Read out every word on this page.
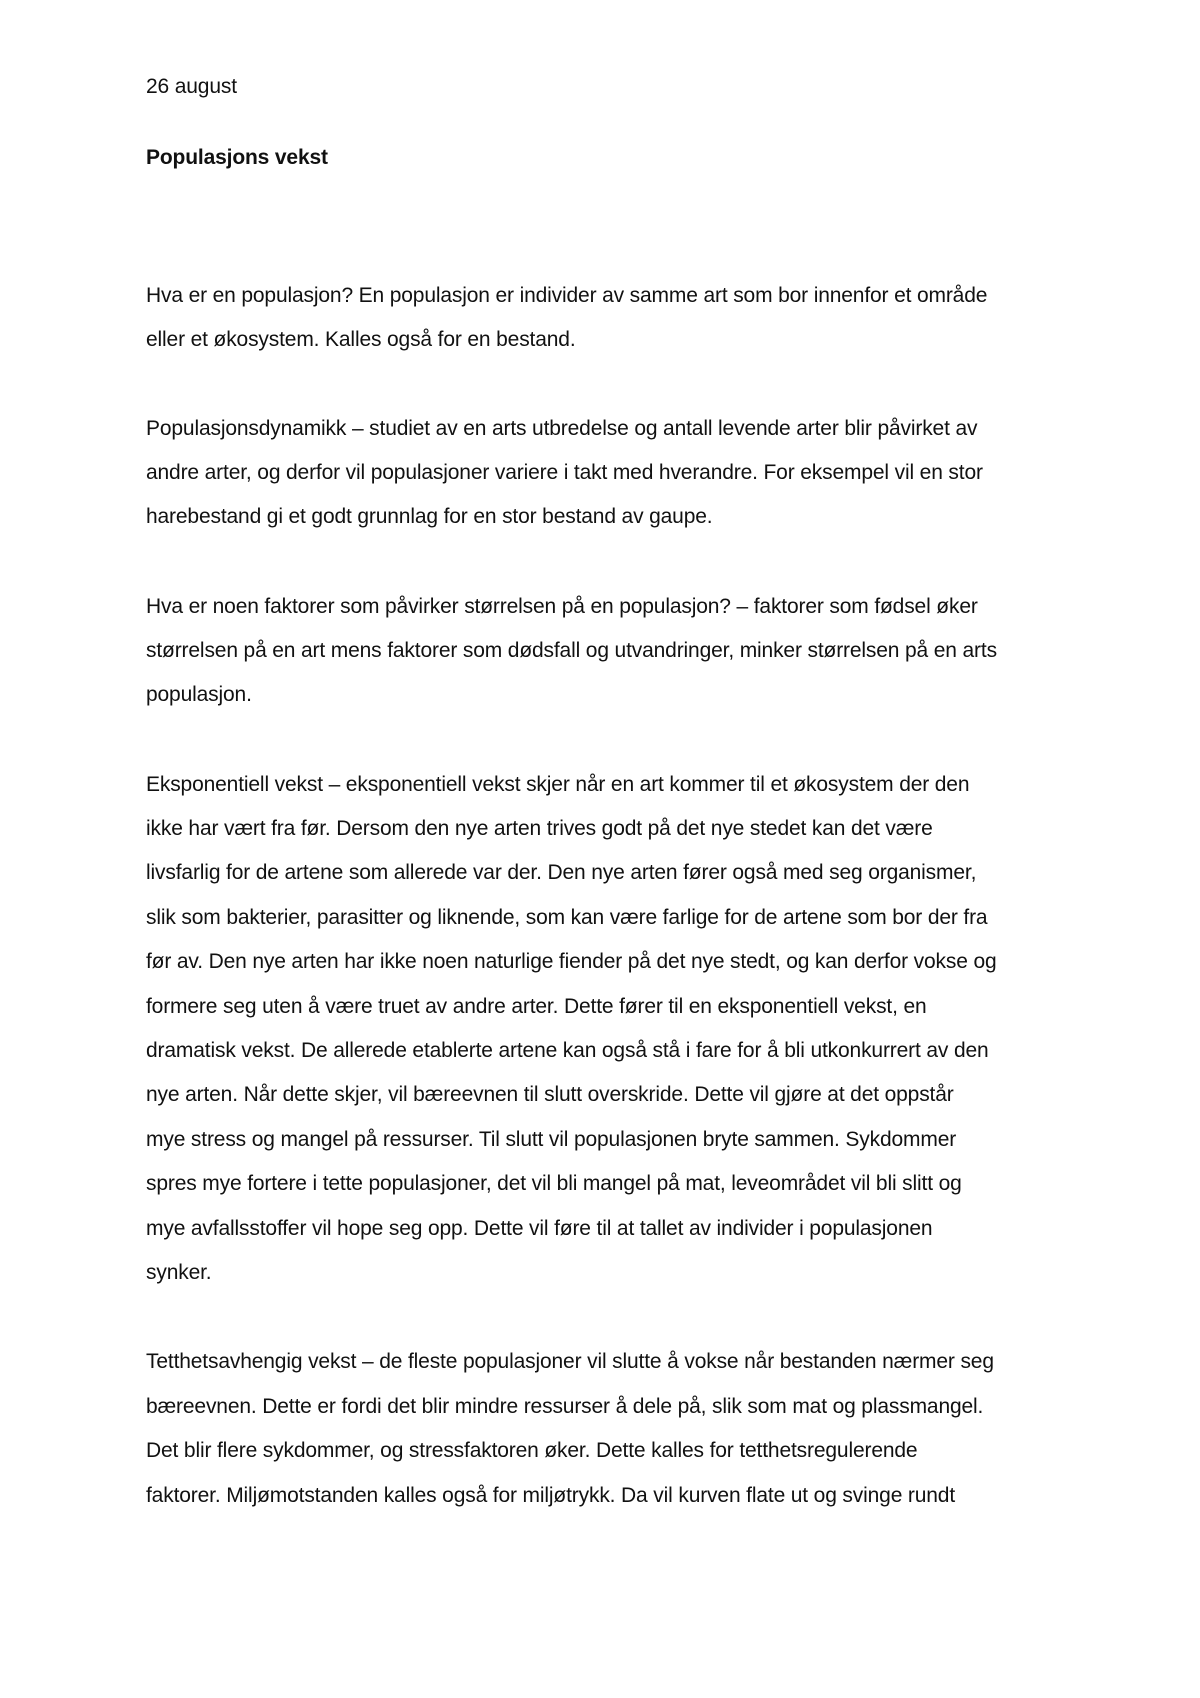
26 august
Populasjons vekst
Hva er en populasjon? En populasjon er individer av samme art som bor innenfor et område
eller et økosystem. Kalles også for en bestand.
Populasjonsdynamikk – studiet av en arts utbredelse og antall levende arter blir påvirket av
andre arter, og derfor vil populasjoner variere i takt med hverandre. For eksempel vil en stor
harebestand gi et godt grunnlag for en stor bestand av gaupe.
Hva er noen faktorer som påvirker størrelsen på en populasjon? – faktorer som fødsel øker
størrelsen på en art mens faktorer som dødsfall og utvandringer, minker størrelsen på en arts
populasjon.
Eksponentiell vekst – eksponentiell vekst skjer når en art kommer til et økosystem der den
ikke har vært fra før. Dersom den nye arten trives godt på det nye stedet kan det være
livsfarlig for de artene som allerede var der. Den nye arten fører også med seg organismer,
slik som bakterier, parasitter og liknende, som kan være farlige for de artene som bor der fra
før av. Den nye arten har ikke noen naturlige fiender på det nye stedt, og kan derfor vokse og
formere seg uten å være truet av andre arter. Dette fører til en eksponentiell vekst, en
dramatisk vekst. De allerede etablerte artene kan også stå i fare for å bli utkonkurrert av den
nye arten. Når dette skjer, vil bæreevnen til slutt overskride. Dette vil gjøre at det oppstår
mye stress og mangel på ressurser. Til slutt vil populasjonen bryte sammen. Sykdommer
spres mye fortere i tette populasjoner, det vil bli mangel på mat, leveområdet vil bli slitt og
mye avfallsstoffer vil hope seg opp. Dette vil føre til at tallet av individer i populasjonen
synker.
Tetthetsavhengig vekst – de fleste populasjoner vil slutte å vokse når bestanden nærmer seg
bæreevnen. Dette er fordi det blir mindre ressurser å dele på, slik som mat og plassmangel.
Det blir flere sykdommer, og stressfaktoren øker. Dette kalles for tetthetsregulerende
faktorer. Miljømotstanden kalles også for miljøtrykk. Da vil kurven flate ut og svinge rundt
